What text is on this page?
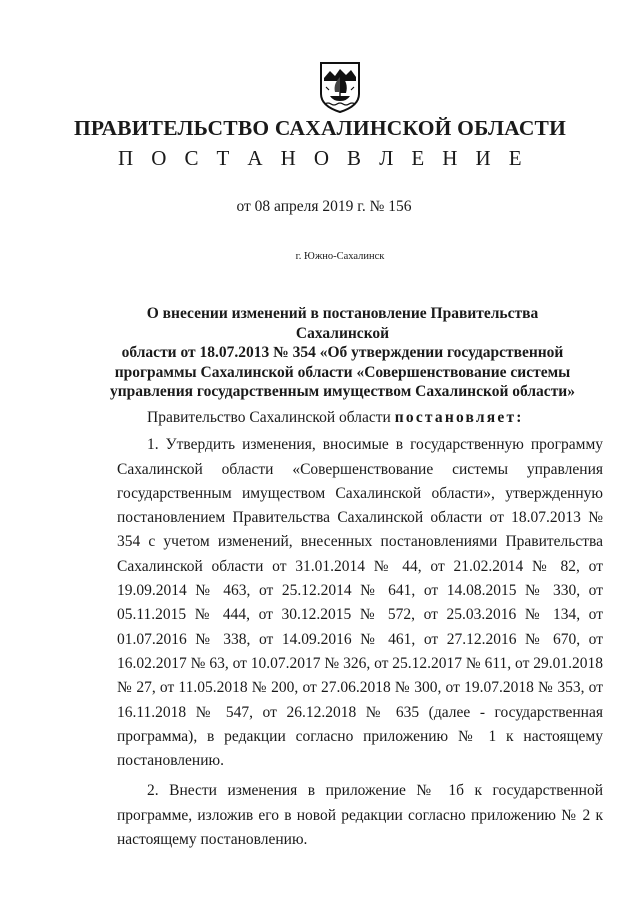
ПРАВИТЕЛЬСТВО САХАЛИНСКОЙ ОБЛАСТИ
П О С Т А Н О В Л Е Н И Е
от 08 апреля 2019 г. № 156
г. Южно-Сахалинск
О внесении изменений в постановление Правительства Сахалинской
области от 18.07.2013 № 354 «Об утверждении государственной
программы Сахалинской области «Совершенствование системы
управления государственным имуществом Сахалинской области»

Правительство Сахалинской области постановляет:

1. Утвердить изменения, вносимые в государственную программу Сахалинской области «Совершенствование системы управления государственным имуществом Сахалинской области», утвержденную постановлением Правительства Сахалинской области от 18.07.2013 № 354 с учетом изменений, внесенных постановлениями Правительства Сахалинской области от 31.01.2014 № 44, от 21.02.2014 № 82, от 19.09.2014 № 463, от 25.12.2014 № 641, от 14.08.2015 № 330, от 05.11.2015 № 444, от 30.12.2015 № 572, от 25.03.2016 № 134, от 01.07.2016 № 338, от 14.09.2016 № 461, от 27.12.2016 № 670, от 16.02.2017 № 63, от 10.07.2017 № 326, от 25.12.2017 № 611, от 29.01.2018 № 27, от 11.05.2018 № 200, от 27.06.2018 № 300, от 19.07.2018 № 353, от 16.11.2018 № 547, от 26.12.2018 № 635 (далее - государственная программа), в редакции согласно приложению № 1 к настоящему постановлению.

2. Внести изменения в приложение № 1б к государственной программе, изложив его в новой редакции согласно приложению № 2 к настоящему постановлению.
